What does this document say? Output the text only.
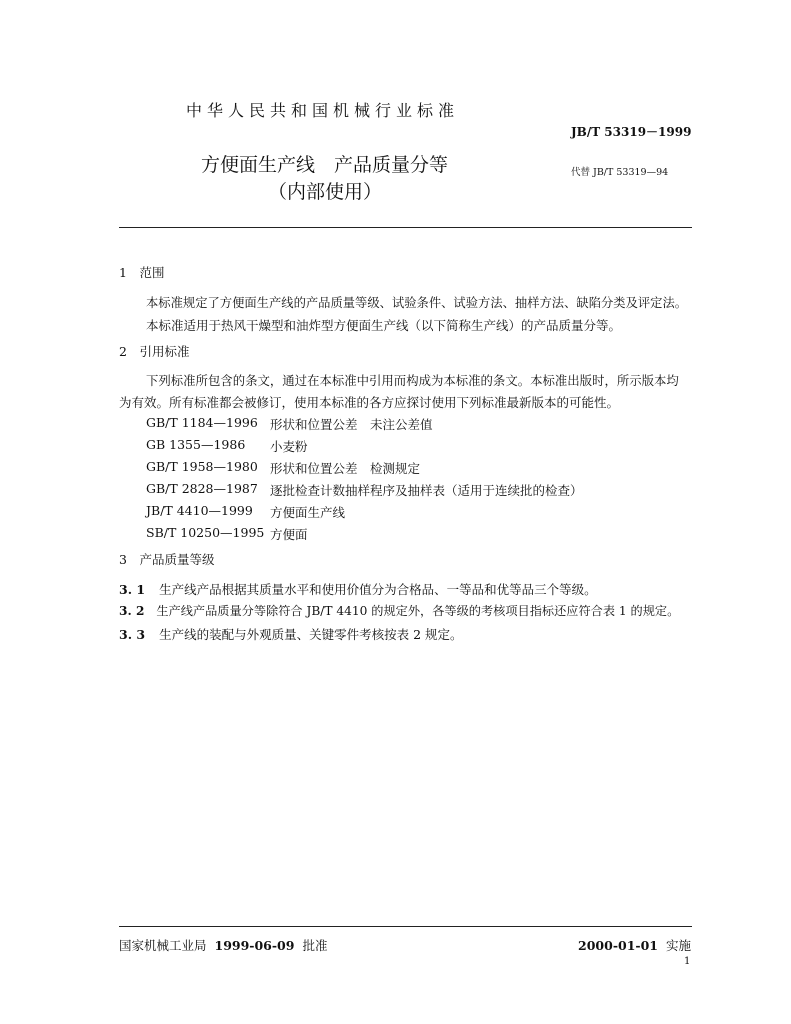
中华人民共和国机械行业标准
JB/T 53319－1999
方便面生产线　产品质量分等
（内部使用）
代替 JB/T 53319—94
1　范围
本标准规定了方便面生产线的产品质量等级、试验条件、试验方法、抽样方法、缺陷分类及评定法。
本标准适用于热风干燥型和油炸型方便面生产线（以下简称生产线）的产品质量分等。
2　引用标准
下列标准所包含的条文，通过在本标准中引用而构成为本标准的条文。本标准出版时，所示版本均
为有效。所有标准都会被修订，使用本标准的各方应探讨使用下列标准最新版本的可能性。
GB/T 1184—1996 形状和位置公差　未注公差值
GB 1355—1986 小麦粉
GB/T 1958—1980 形状和位置公差　检测规定
GB/T 2828—1987 逐批检查计数抽样程序及抽样表（适用于连续批的检查）
JB/T 4410—1999 方便面生产线
SB/T 10250—1995 方便面
3　产品质量等级
3. 1 生产线产品根据其质量水平和使用价值分为合格品、一等品和优等品三个等级。
3. 2 生产线产品质量分等除符合 JB/T 4410 的规定外，各等级的考核项目指标还应符合表 1 的规定。
3. 3 生产线的装配与外观质量、关键零件考核按表 2 规定。
国家机械工业局 1999-06-09 批准	2000-01-01 实施
1
